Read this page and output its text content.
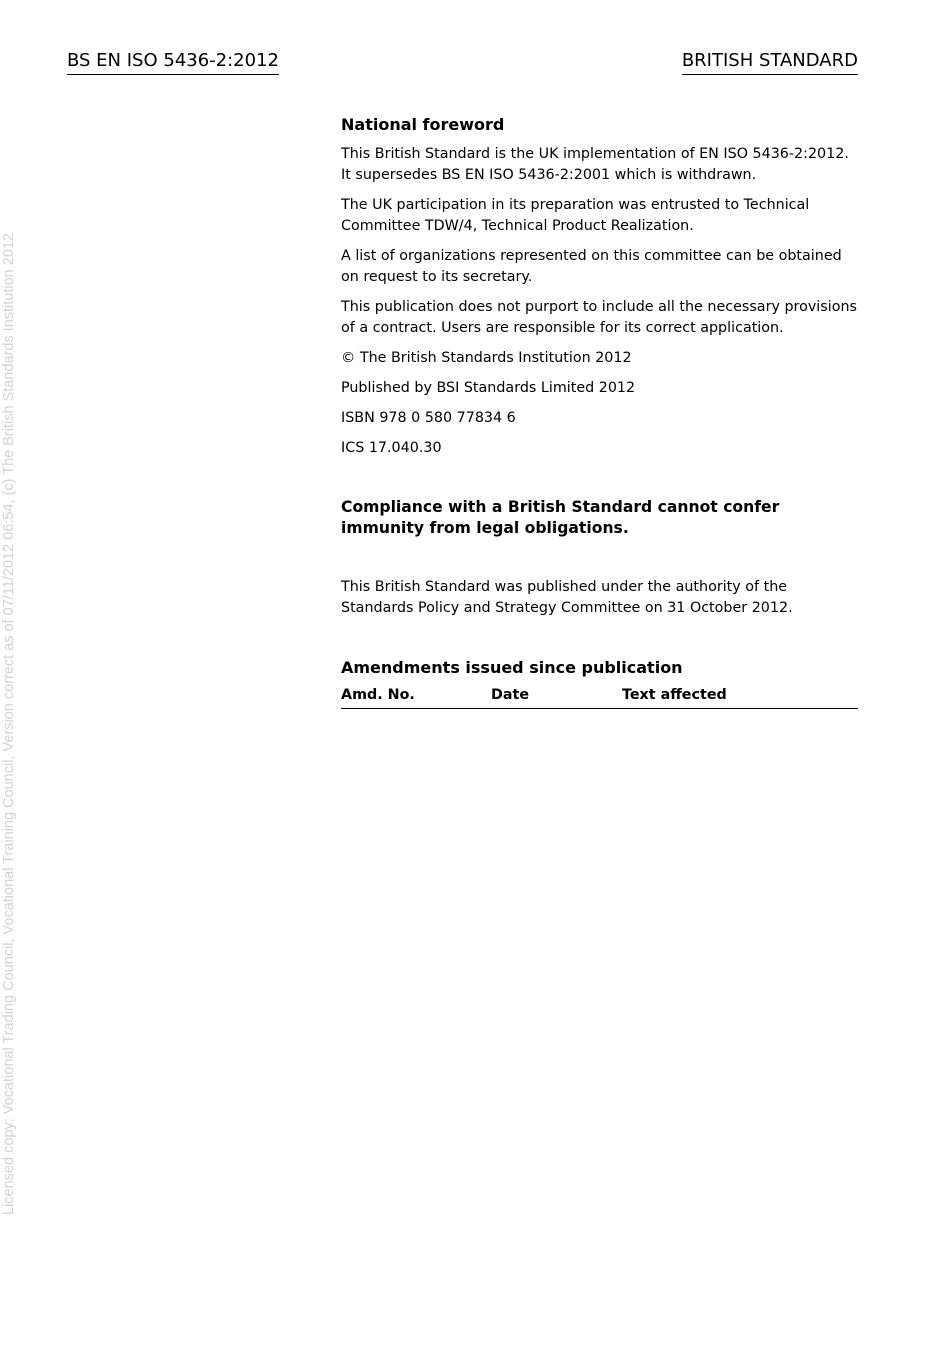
BS EN ISO 5436-2:2012	BRITISH STANDARD
Licensed copy: Vocational Trading Council, Vocational Training Council, Version correct as of 07/11/2012 06:54, (c) The British Standards Institution 2012
National foreword
This British Standard is the UK implementation of EN ISO 5436-2:2012. It supersedes BS EN ISO 5436-2:2001 which is withdrawn.
The UK participation in its preparation was entrusted to Technical Committee TDW/4, Technical Product Realization.
A list of organizations represented on this committee can be obtained on request to its secretary.
This publication does not purport to include all the necessary provisions of a contract. Users are responsible for its correct application.
© The British Standards Institution 2012
Published by BSI Standards Limited 2012
ISBN 978 0 580 77834 6
ICS 17.040.30
Compliance with a British Standard cannot confer immunity from legal obligations.
This British Standard was published under the authority of the Standards Policy and Strategy Committee on 31 October 2012.
Amendments issued since publication
Amd. No.	Date	Text affected
